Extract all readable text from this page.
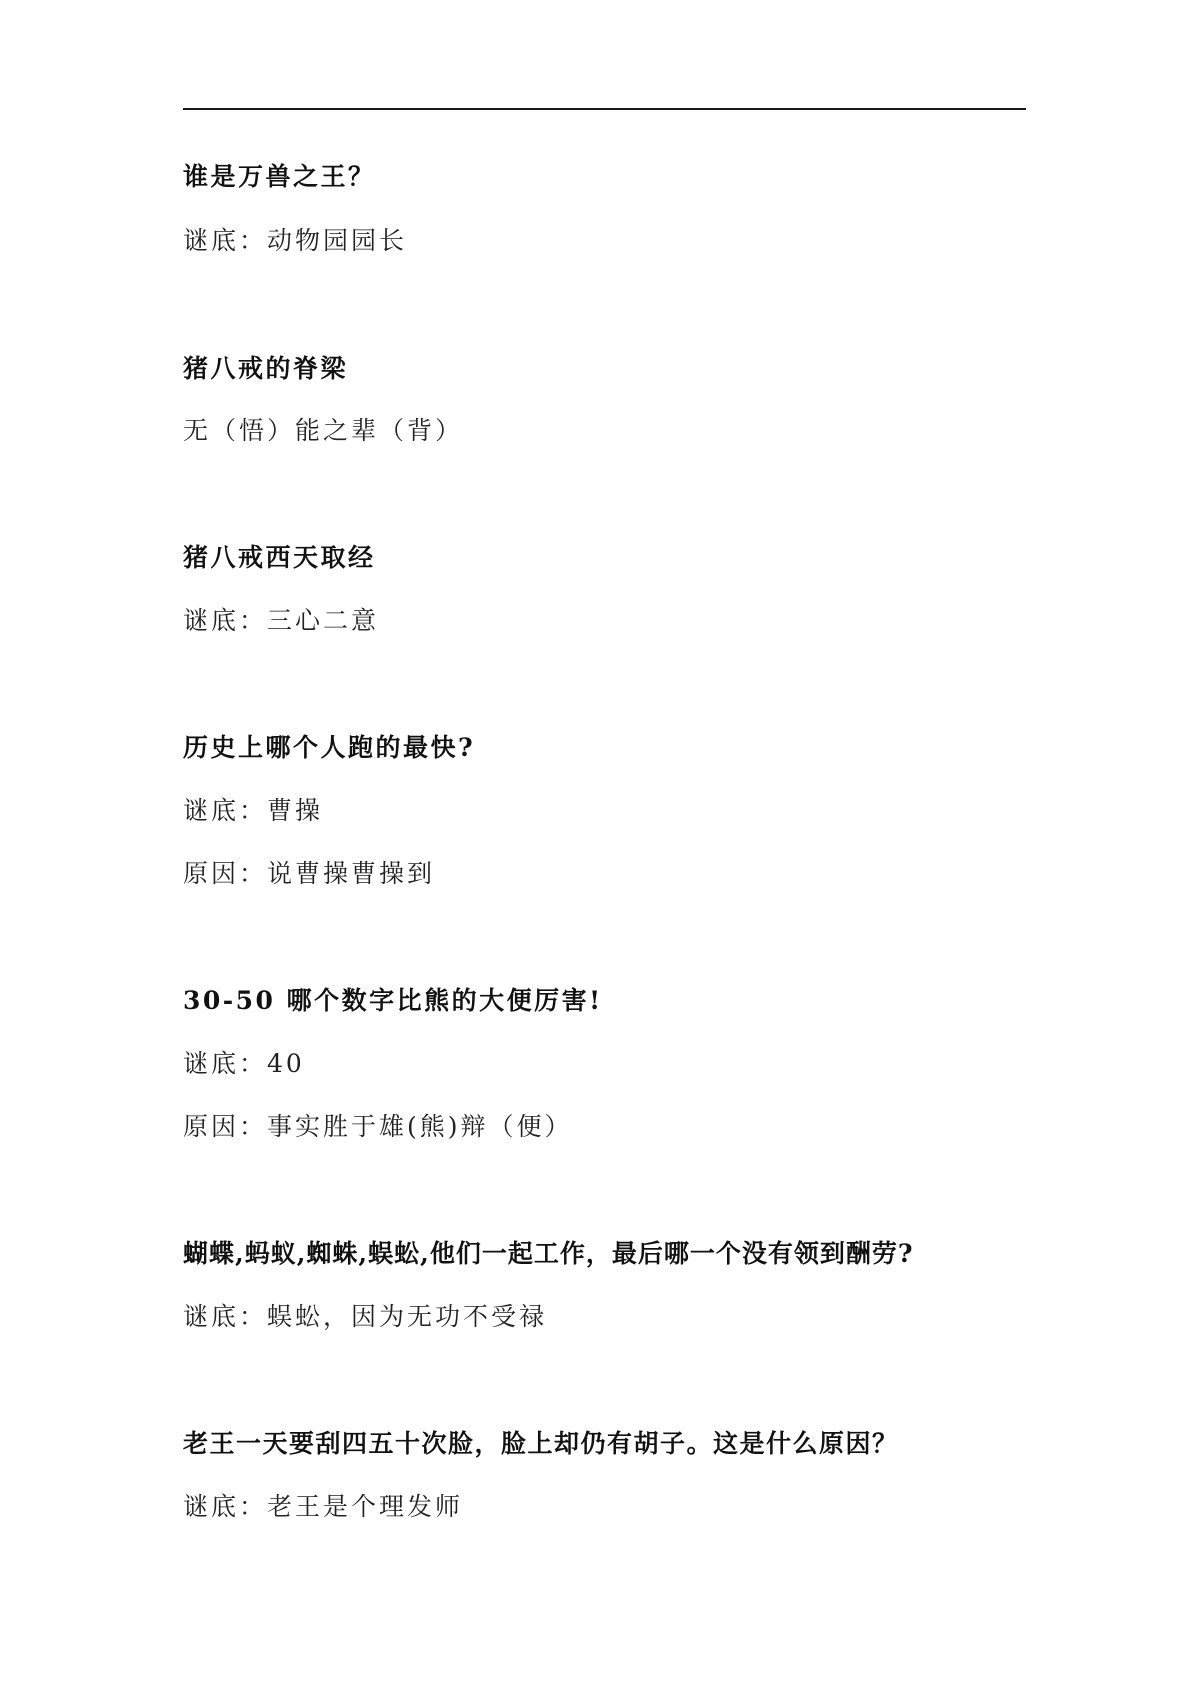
谁是万兽之王？

谜底：动物园园长

猪八戒的脊梁

无（悟）能之辈（背）

猪八戒西天取经

谜底：三心二意

历史上哪个人跑的最快?

谜底：曹操

原因：说曹操曹操到

30-50 哪个数字比熊的大便厉害!

谜底：40

原因：事实胜于雄(熊)辩（便）

蝴蝶,蚂蚁,蜘蛛,蜈蚣,他们一起工作，最后哪一个没有领到酬劳?

谜底：蜈蚣，因为无功不受禄

老王一天要刮四五十次脸，脸上却仍有胡子。这是什么原因？

谜底：老王是个理发师
